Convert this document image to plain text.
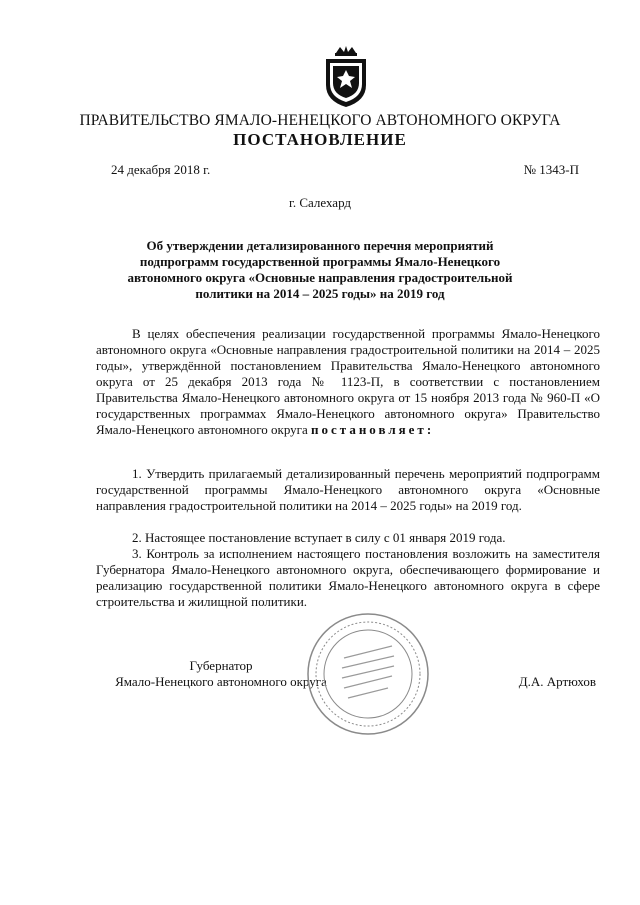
ПРАВИТЕЛЬСТВО ЯМАЛО-НЕНЕЦКОГО АВТОНОМНОГО ОКРУГА
ПОСТАНОВЛЕНИЕ
24 декабря 2018 г.	№ 1343-П
г. Салехард
Об утверждении детализированного перечня мероприятий подпрограмм государственной программы Ямало-Ненецкого автономного округа «Основные направления градостроительной политики на 2014 – 2025 годы» на 2019 год
В целях обеспечения реализации государственной программы Ямало-Ненецкого автономного округа «Основные направления градостроительной политики на 2014 – 2025 годы», утверждённой постановлением Правительства Ямало-Ненецкого автономного округа от 25 декабря 2013 года № 1123-П, в соответствии с постановлением Правительства Ямало-Ненецкого автономного округа от 15 ноября 2013 года № 960-П «О государственных программах Ямало-Ненецкого автономного округа» Правительство Ямало-Ненецкого автономного округа постановляет:
1. Утвердить прилагаемый детализированный перечень мероприятий подпрограмм государственной программы Ямало-Ненецкого автономного округа «Основные направления градостроительной политики на 2014 – 2025 годы» на 2019 год.
2. Настоящее постановление вступает в силу с 01 января 2019 года.
3. Контроль за исполнением настоящего постановления возложить на заместителя Губернатора Ямало-Ненецкого автономного округа, обеспечивающего формирование и реализацию государственной политики Ямало-Ненецкого автономного округа в сфере строительства и жилищной политики.
Губернатор
Ямало-Ненецкого автономного округа	Д.А. Артюхов
